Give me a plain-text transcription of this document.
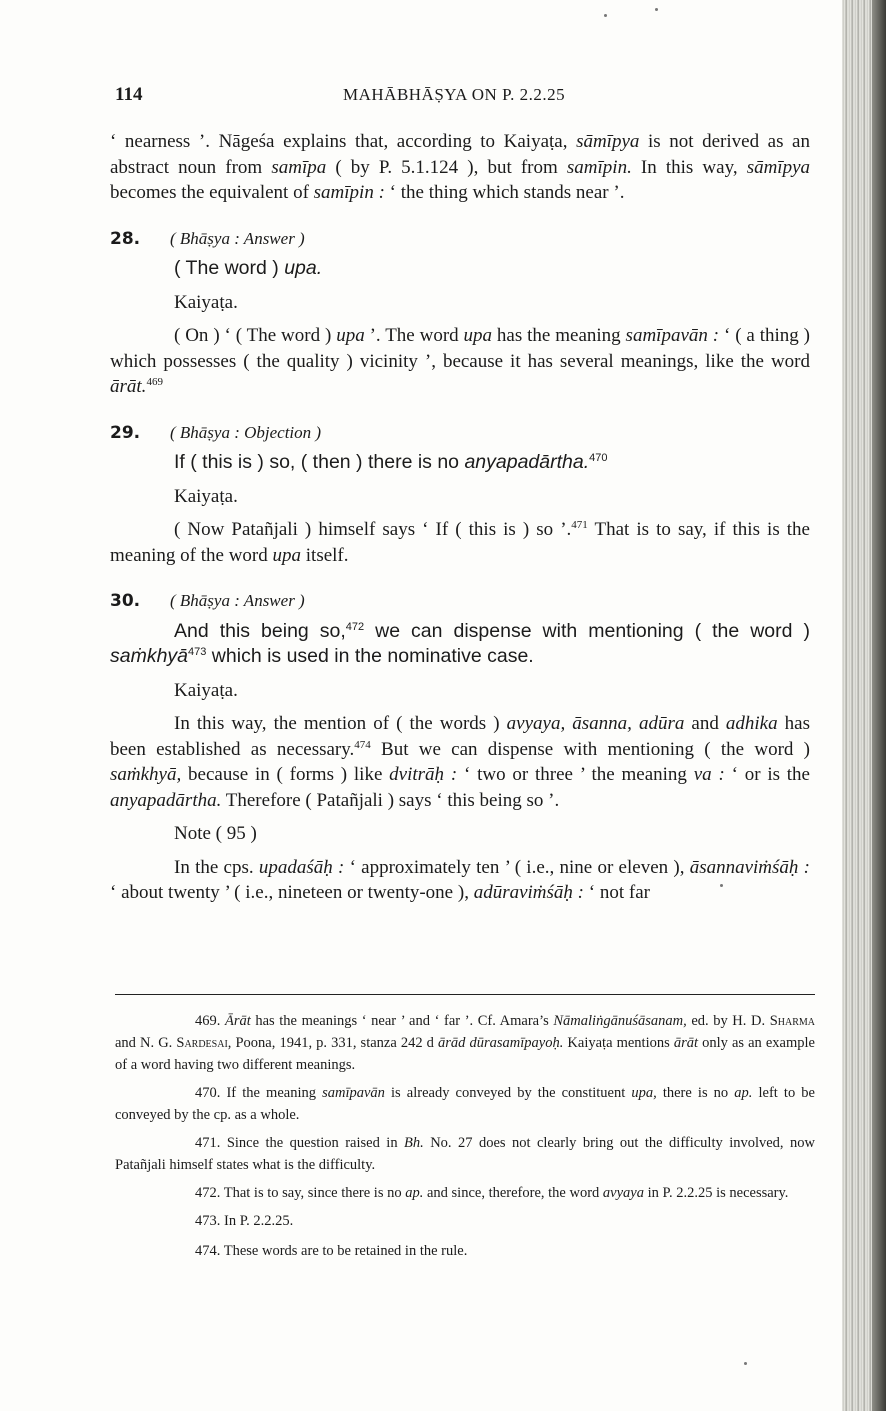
114	MAHĀBHĀṢYA ON P. 2.2.25

‘ nearness ’. Nāgeśa explains that, according to Kaiyaṭa, sāmīpya is not derived as an abstract noun from samīpa ( by P. 5.1.124 ), but from samīpin. In this way, sāmīpya becomes the equivalent of samīpin : ‘ the thing which stands near ’.

28. ( Bhāṣya : Answer )

( The word ) upa.

Kaiyaṭa.

( On ) ‘ ( The word ) upa ’. The word upa has the meaning samīpavān : ‘ ( a thing ) which possesses ( the quality ) vicinity ’, because it has several meanings, like the word ārāt.$^{469}$

29. ( Bhāṣya : Objection )

If ( this is ) so, ( then ) there is no anyapadārtha.$^{470}$

Kaiyaṭa.

( Now Patañjali ) himself says ‘ If ( this is ) so ’.$^{471}$ That is to say, if this is the meaning of the word upa itself.

30. ( Bhāṣya : Answer )

And this being so,$^{472}$ we can dispense with mentioning ( the word ) saṁkhyā$^{473}$ which is used in the nominative case.

Kaiyaṭa.

In this way, the mention of ( the words ) avyaya, āsanna, adūra and adhika has been established as necessary.$^{474}$ But we can dispense with mentioning ( the word ) saṁkhyā, because in ( forms ) like dvitrāḥ : ‘ two or three ’ the meaning va : ‘ or is the anyapadārtha. Therefore ( Patañjali ) says ‘ this being so ’.

Note ( 95 )

In the cps. upadaśāḥ : ‘ approximately ten ’ ( i.e., nine or eleven ), āsannaviṁśāḥ : ‘ about twenty ’ ( i.e., nineteen or twenty-one ), adūraviṁśāḥ : ‘ not far

469. Ārāt has the meanings ‘ near ’ and ‘ far ’. Cf. Amara’s Nāmaliṅgānuśāsanam, ed. by H. D. Sharma and N. G. Sardesai, Poona, 1941, p. 331, stanza 242 d ārād dūrasamīpayoḥ. Kaiyaṭa mentions ārāt only as an example of a word having two different meanings.

470. If the meaning samīpavān is already conveyed by the constituent upa, there is no ap. left to be conveyed by the cp. as a whole.

471. Since the question raised in Bh. No. 27 does not clearly bring out the difficulty involved, now Patañjali himself states what is the difficulty.

472. That is to say, since there is no ap. and since, therefore, the word avyaya in P. 2.2.25 is necessary.

473. In P. 2.2.25.

474. These words are to be retained in the rule.
